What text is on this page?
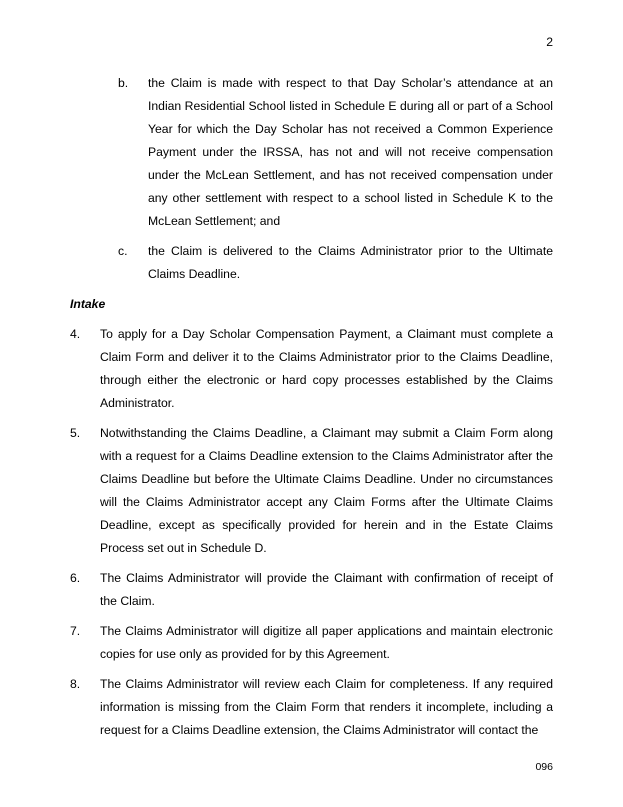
2
b.	the Claim is made with respect to that Day Scholar’s attendance at an Indian Residential School listed in Schedule E during all or part of a School Year for which the Day Scholar has not received a Common Experience Payment under the IRSSA, has not and will not receive compensation under the McLean Settlement, and has not received compensation under any other settlement with respect to a school listed in Schedule K to the McLean Settlement; and
c.	the Claim is delivered to the Claims Administrator prior to the Ultimate Claims Deadline.
Intake
4.	To apply for a Day Scholar Compensation Payment, a Claimant must complete a Claim Form and deliver it to the Claims Administrator prior to the Claims Deadline, through either the electronic or hard copy processes established by the Claims Administrator.
5.	Notwithstanding the Claims Deadline, a Claimant may submit a Claim Form along with a request for a Claims Deadline extension to the Claims Administrator after the Claims Deadline but before the Ultimate Claims Deadline. Under no circumstances will the Claims Administrator accept any Claim Forms after the Ultimate Claims Deadline, except as specifically provided for herein and in the Estate Claims Process set out in Schedule D.
6.	The Claims Administrator will provide the Claimant with confirmation of receipt of the Claim.
7.	The Claims Administrator will digitize all paper applications and maintain electronic copies for use only as provided for by this Agreement.
8.	The Claims Administrator will review each Claim for completeness. If any required information is missing from the Claim Form that renders it incomplete, including a request for a Claims Deadline extension, the Claims Administrator will contact the
096
